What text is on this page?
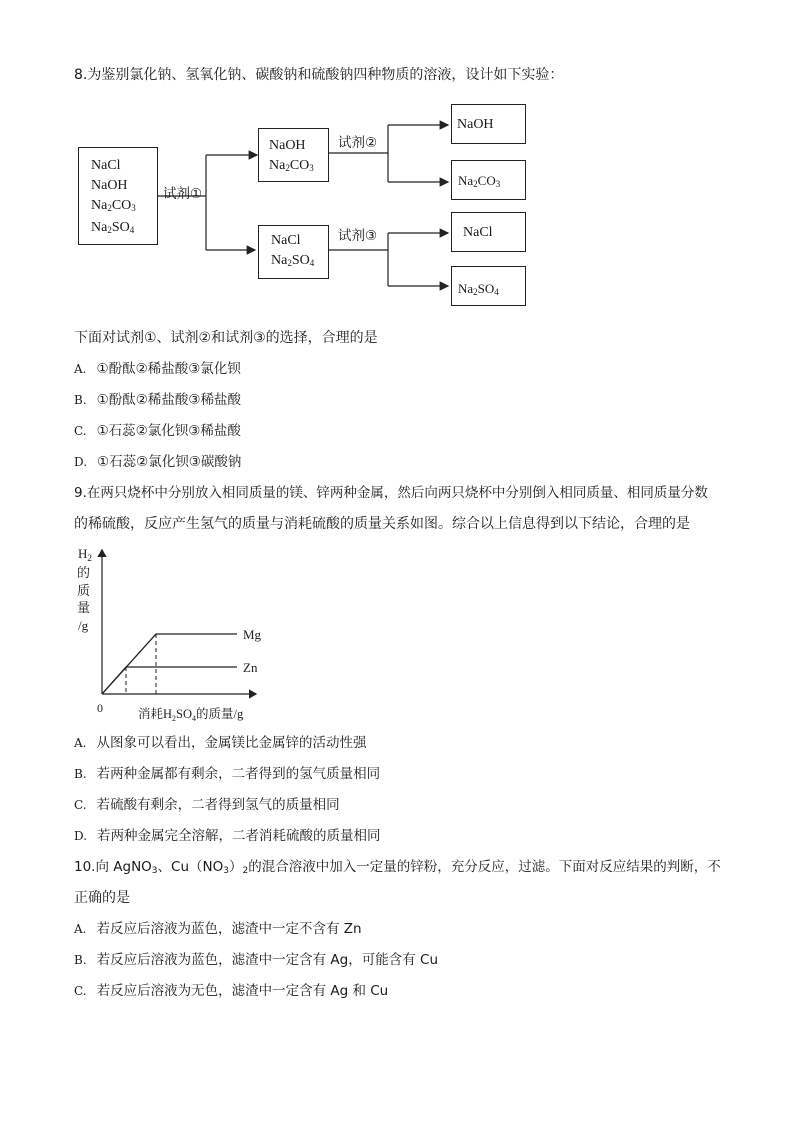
8.为鉴别氯化钠、氢氧化钠、碳酸钠和硫酸钠四种物质的溶液，设计如下实验：
NaCl
NaOH
$Na_2CO_3$
$Na_2SO_4$
试剂①
NaOH
$Na_2CO_3$
试剂②
NaCl
$Na_2SO_4$
试剂③
NaOH
$Na_2CO_3$
NaCl
$Na_2SO_4$
下面对试剂①、试剂②和试剂③的选择，合理的是
A. ①酚酞②稀盐酸③氯化钡
B. ①酚酞②稀盐酸③稀盐酸
C. ①石蕊②氯化钡③稀盐酸
D. ①石蕊②氯化钡③碳酸钠
9.在两只烧杯中分别放入相同质量的镁、锌两种金属，然后向两只烧杯中分别倒入相同质量、相同质量分数
的稀硫酸，反应产生氢气的质量与消耗硫酸的质量关系如图。综合以上信息得到以下结论，合理的是
$H_2$
的
质
量
/g
0	消耗$H_2SO_4$的质量/g
Mg
Zn
A. 从图象可以看出，金属镁比金属锌的活动性强
B. 若两种金属都有剩余，二者得到的氢气质量相同
C. 若硫酸有剩余，二者得到氢气的质量相同
D. 若两种金属完全溶解，二者消耗硫酸的质量相同
10.向 AgNO$_3$、$Cu(NO_3)_2$的混合溶液中加入一定量的锌粉，充分反应，过滤。下面对反应结果的判断，不
正确的是
A. 若反应后溶液为蓝色，滤渣中一定不含有 Zn
B. 若反应后溶液为蓝色，滤渣中一定含有 Ag，可能含有 Cu
C. 若反应后溶液为无色，滤渣中一定含有 Ag 和 Cu
